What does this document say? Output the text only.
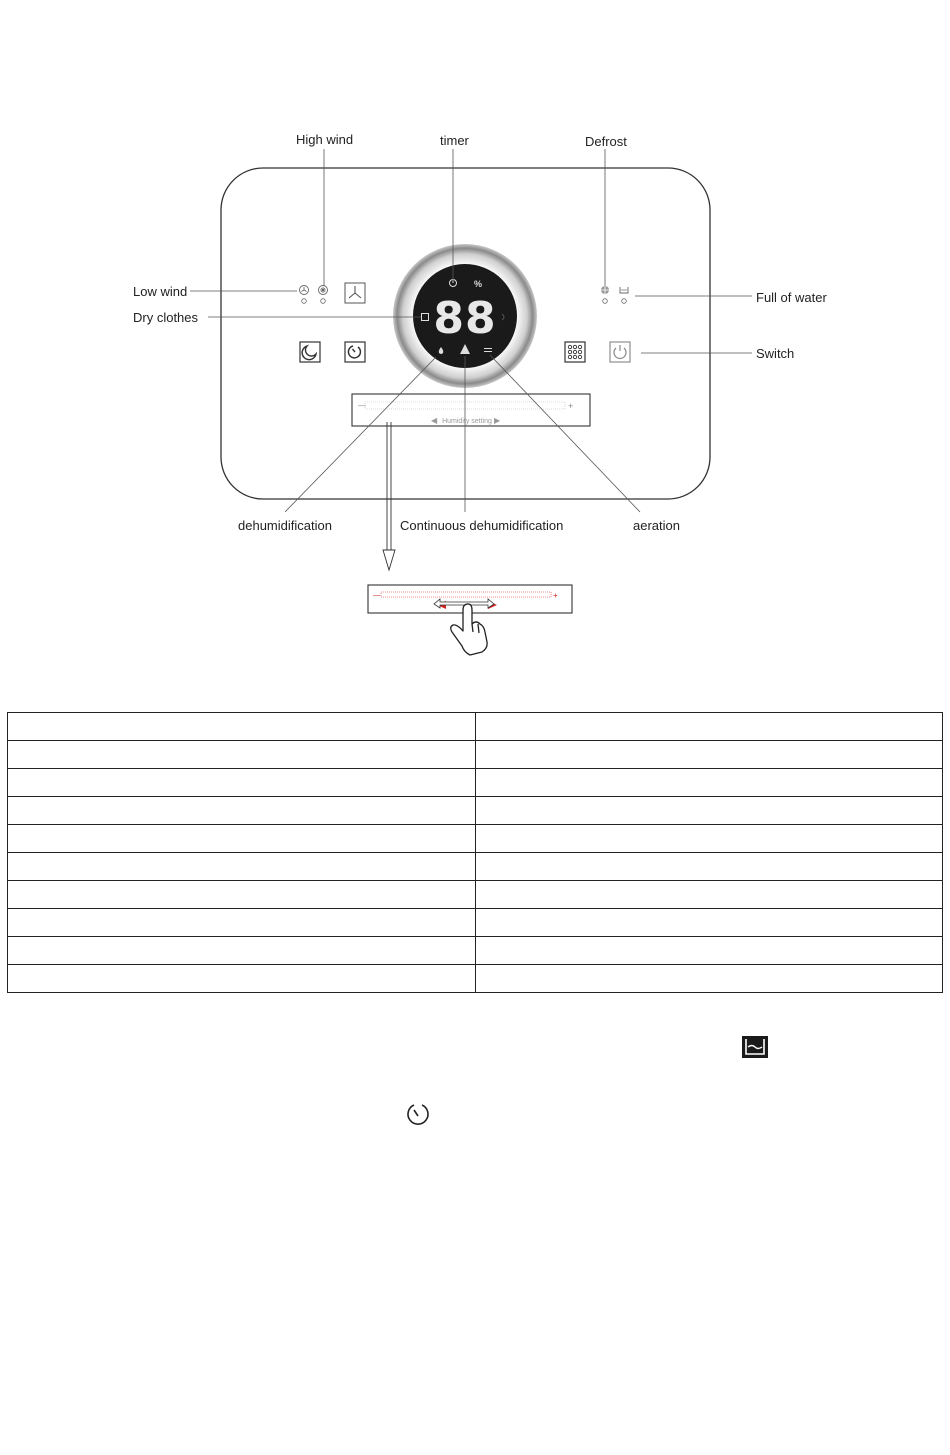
%
88
—	+
◀ Humidity setting ▶
High wind	timer	Defrost
Low wind
Dry clothes
Full of water
Switch
dehumidification	Continuous dehumidification	aeration
—	+
